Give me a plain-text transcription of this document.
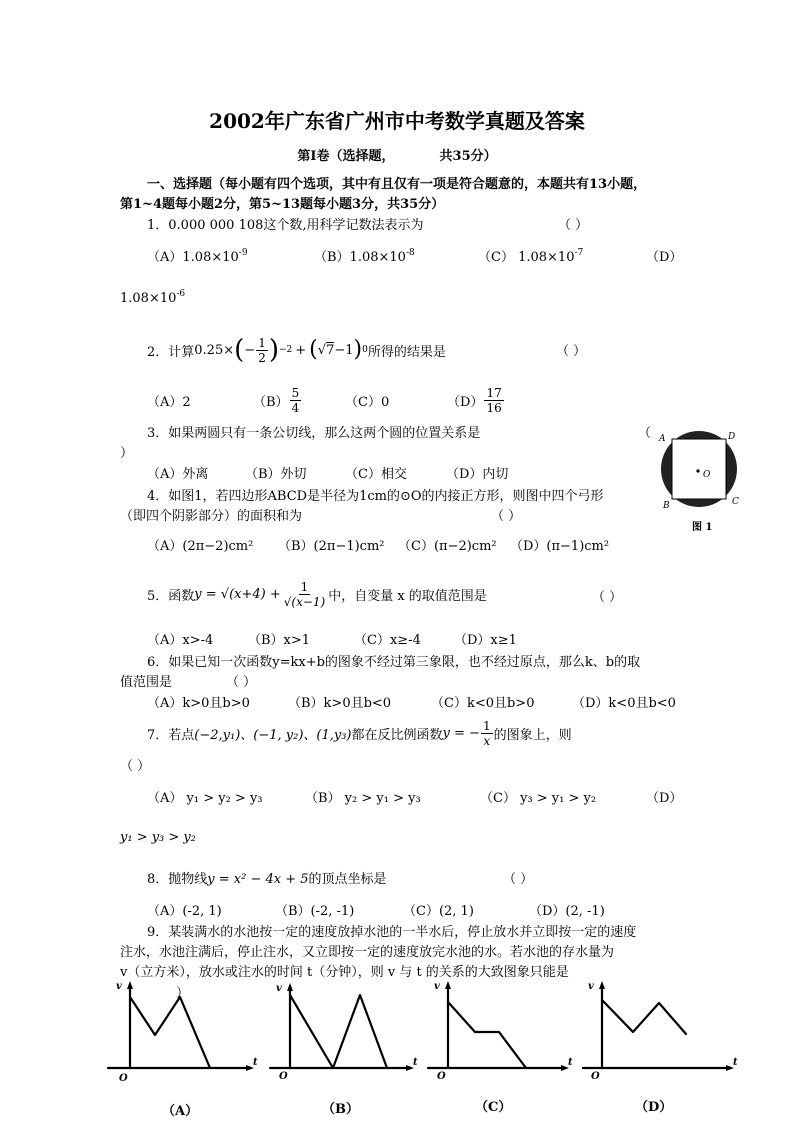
2002年广东省广州市中考数学真题及答案
第Ⅰ卷（选择题，	共35分）
一、选择题（每小题有四个选项，其中有且仅有一项是符合题意的，本题共有13小题，
第1~4题每小题2分，第5~13题每小题3分，共35分）
1．0.000 000 108这个数,用科学记数法表示为	（ ）
$(A)1.08\times 10^{-9}$	$(B)1.08\times 10^{-8}$	（C） $1.08\times 10^{-7}$	（D）
$1.08\times 10^{-6}$
2．计算 0.25× ( − $\frac{1}{2}$ ) −2 + ( √ 7 −1 ) 0 所得的结果是	（ ）
（A）2	$(B) \frac{5}{4}$	（C）0	$(D) \frac{17}{16}$
3．如果两圆只有一条公切线，那么这两个圆的位置关系是	（
）
（A）外离	（B）外切	（C）相交	（D）内切
A	D
O
B	C
图 1
4．如图1，若四边形ABCD是半径为1cm的⊙O的内接正方形，则图中四个弓形
（即四个阴影部分）的面积和为	（ ）
（A）(2π−2)cm² （B）(2π−1)cm² （C）(π−2)cm² （D）(π−1)cm²
5．函数 $y = √(x+4) + \frac{1}{√(x-1)}$ 中，自变量 x 的取值范围是	（ ）
（A）x>-4	（B）x>1	（C）x≥-4	（D）x≥1
6．如果已知一次函数y=kx+b的图象不经过第三象限，也不经过原点，那么k、b的取
值范围是	（ ）
（A）k>0且b>0	（B）k>0且b<0	（C）k<0且b>0	（D）k<0且b<0
7．若点 (−2,y₁)、(−1, y₂)、(1,y₃) 都在反比例函数 y = − $\frac{1}{x}$ 的图象上，则
（ ）
（A） y₁ > y₂ > y₃	（B） y₂ > y₁ > y₃	（C） y₃ > y₁ > y₂	（D）
y₁ > y₃ > y₂
8．抛物线y = x² − 4x + 5的顶点坐标是	（ ）
（A）(-2, 1)	（B）(-2, -1)	（C）(2, 1)	（D）(2, -1)
9．某装满水的水池按一定的速度放掉水池的一半水后，停止放水并立即按一定的速度
注水，水池注满后，停止注水，又立即按一定的速度放完水池的水。若水池的存水量为
v（立方米），放水或注水的时间 t（分钟），则 v 与 t 的关系的大致图象只能是
）
v
t
O
v
t
O
v
t
O
v
t
O
（A）	（B）	（C）	（D）
